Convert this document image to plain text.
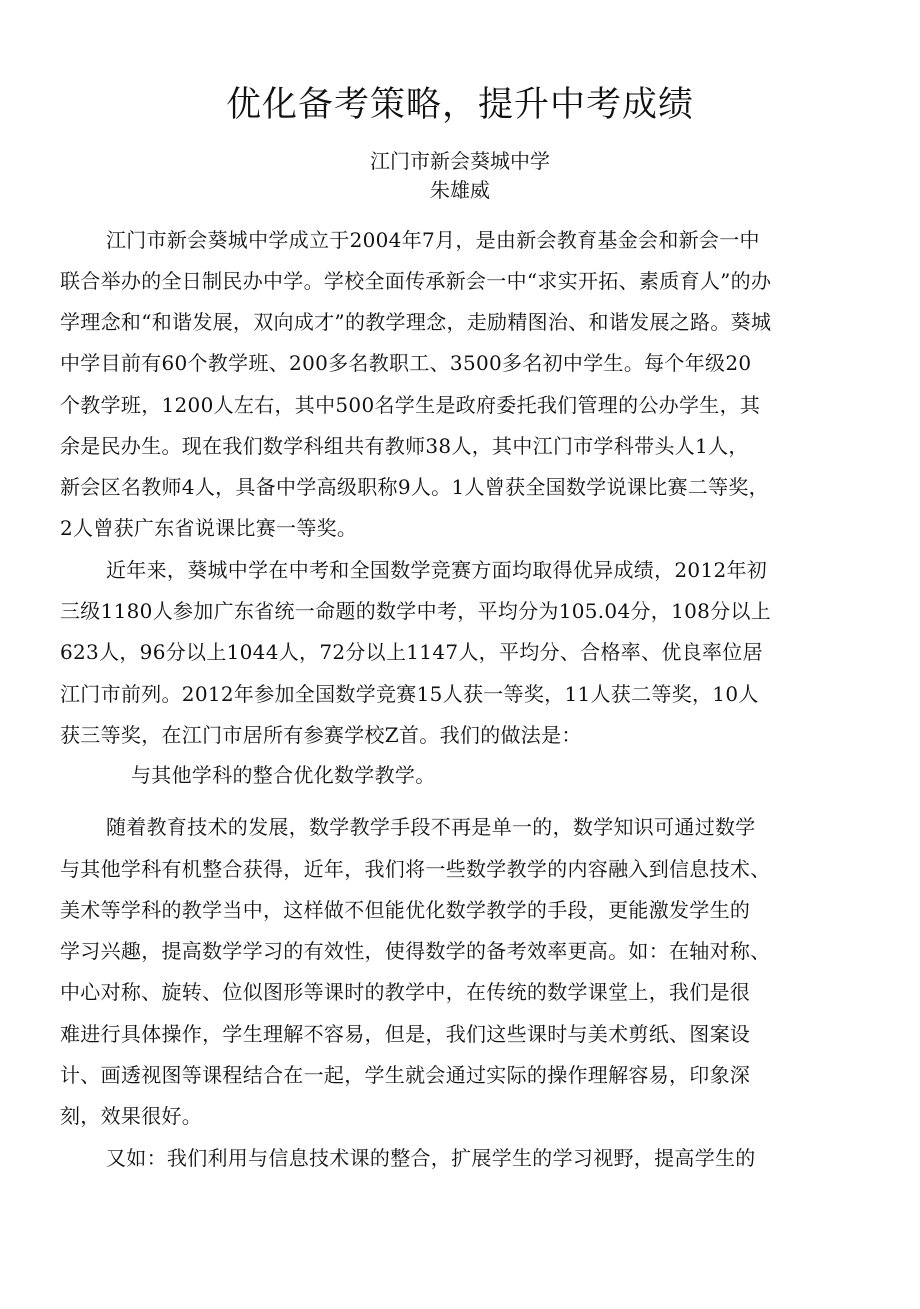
优化备考策略，提升中考成绩
江门市新会葵城中学
朱雄威
江门市新会葵城中学成立于2004年7月，是由新会教育基金会和新会一中
联合举办的全日制民办中学。学校全面传承新会一中“求实开拓、素质育人”的办
学理念和“和谐发展，双向成才”的教学理念，走励精图治、和谐发展之路。葵城
中学目前有60个教学班、200多名教职工、3500多名初中学生。每个年级20
个教学班，1200人左右，其中500名学生是政府委托我们管理的公办学生，其
余是民办生。现在我们数学科组共有教师38人，其中江门市学科带头人1人，
新会区名教师4人，具备中学高级职称9人。1人曾获全国数学说课比赛二等奖，
2人曾获广东省说课比赛一等奖。
近年来，葵城中学在中考和全国数学竞赛方面均取得优异成绩，2012年初
三级1180人参加广东省统一命题的数学中考，平均分为105.04分，108分以上
623人，96分以上1044人，72分以上1147人，平均分、合格率、优良率位居
江门市前列。2012年参加全国数学竞赛15人获一等奖，11人获二等奖，10人
获三等奖，在江门市居所有参赛学校Z首。我们的做法是：
与其他学科的整合优化数学教学。
随着教育技术的发展，数学教学手段不再是单一的，数学知识可通过数学
与其他学科有机整合获得，近年，我们将一些数学教学的内容融入到信息技术、
美术等学科的教学当中，这样做不但能优化数学教学的手段，更能激发学生的
学习兴趣，提高数学学习的有效性，使得数学的备考效率更高。如：在轴对称、
中心对称、旋转、位似图形等课时的教学中，在传统的数学课堂上，我们是很
难进行具体操作，学生理解不容易，但是，我们这些课时与美术剪纸、图案设
计、画透视图等课程结合在一起，学生就会通过实际的操作理解容易，印象深
刻，效果很好。
又如：我们利用与信息技术课的整合，扩展学生的学习视野，提高学生的
